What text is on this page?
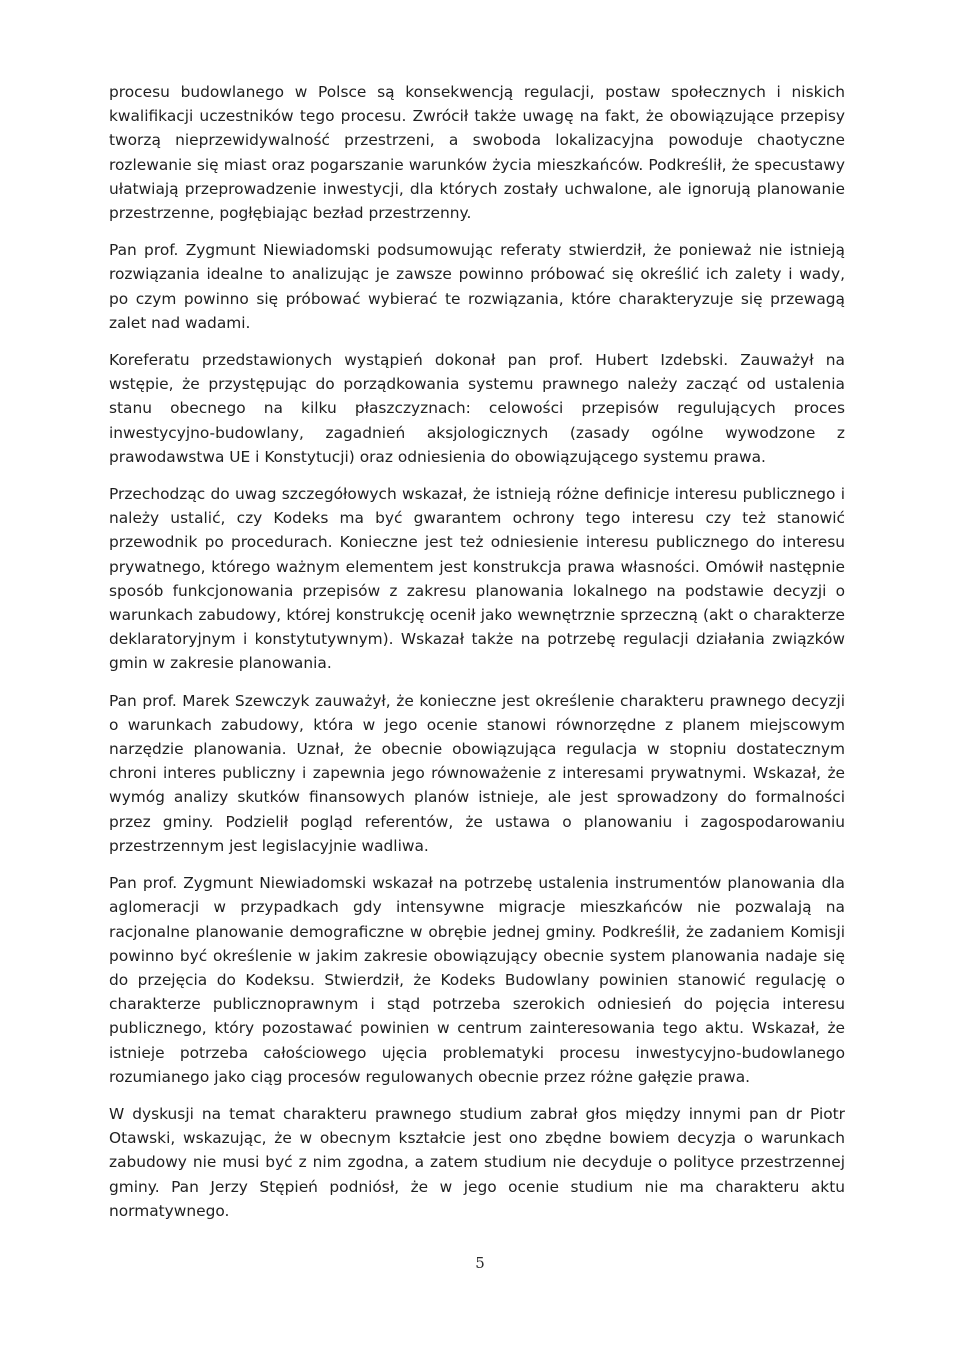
procesu budowlanego w Polsce są konsekwencją regulacji, postaw społecznych i niskich kwalifikacji uczestników tego procesu. Zwrócił także uwagę na fakt, że obowiązujące przepisy tworzą nieprzewidywalność przestrzeni, a swoboda lokalizacyjna powoduje chaotyczne rozlewanie się miast oraz pogarszanie warunków życia mieszkańców. Podkreślił, że specustawy ułatwiają przeprowadzenie inwestycji, dla których zostały uchwalone, ale ignorują planowanie przestrzenne, pogłębiając bezład przestrzenny.

Pan prof. Zygmunt Niewiadomski podsumowując referaty stwierdził, że ponieważ nie istnieją rozwiązania idealne to analizując je zawsze powinno próbować się określić ich zalety i wady, po czym powinno się próbować wybierać te rozwiązania, które charakteryzuje się przewagą zalet nad wadami.

Koreferatu przedstawionych wystąpień dokonał pan prof. Hubert Izdebski. Zauważył na wstępie, że przystępując do porządkowania systemu prawnego należy zacząć od ustalenia stanu obecnego na kilku płaszczyznach: celowości przepisów regulujących proces inwestycyjno-budowlany, zagadnień aksjologicznych (zasady ogólne wywodzone z prawodawstwa UE i Konstytucji) oraz odniesienia do obowiązującego systemu prawa.

Przechodząc do uwag szczegółowych wskazał, że istnieją różne definicje interesu publicznego i należy ustalić, czy Kodeks ma być gwarantem ochrony tego interesu czy też stanowić przewodnik po procedurach. Konieczne jest też odniesienie interesu publicznego do interesu prywatnego, którego ważnym elementem jest konstrukcja prawa własności. Omówił następnie sposób funkcjonowania przepisów z zakresu planowania lokalnego na podstawie decyzji o warunkach zabudowy, której konstrukcję ocenił jako wewnętrznie sprzeczną (akt o charakterze deklaratoryjnym i konstytutywnym). Wskazał także na potrzebę regulacji działania związków gmin w zakresie planowania.

Pan prof. Marek Szewczyk zauważył, że konieczne jest określenie charakteru prawnego decyzji o warunkach zabudowy, która w jego ocenie stanowi równorzędne z planem miejscowym narzędzie planowania. Uznał, że obecnie obowiązująca regulacja w stopniu dostatecznym chroni interes publiczny i zapewnia jego równoważenie z interesami prywatnymi. Wskazał, że wymóg analizy skutków finansowych planów istnieje, ale jest sprowadzony do formalności przez gminy. Podzielił pogląd referentów, że ustawa o planowaniu i zagospodarowaniu przestrzennym jest legislacyjnie wadliwa.

Pan prof. Zygmunt Niewiadomski wskazał na potrzebę ustalenia instrumentów planowania dla aglomeracji w przypadkach gdy intensywne migracje mieszkańców nie pozwalają na racjonalne planowanie demograficzne w obrębie jednej gminy. Podkreślił, że zadaniem Komisji powinno być określenie w jakim zakresie obowiązujący obecnie system planowania nadaje się do przejęcia do Kodeksu. Stwierdził, że Kodeks Budowlany powinien stanowić regulację o charakterze publicznoprawnym i stąd potrzeba szerokich odniesień do pojęcia interesu publicznego, który pozostawać powinien w centrum zainteresowania tego aktu. Wskazał, że istnieje potrzeba całościowego ujęcia problematyki procesu inwestycyjno-budowlanego rozumianego jako ciąg procesów regulowanych obecnie przez różne gałęzie prawa.

W dyskusji na temat charakteru prawnego studium zabrał głos między innymi pan dr Piotr Otawski, wskazując, że w obecnym kształcie jest ono zbędne bowiem decyzja o warunkach zabudowy nie musi być z nim zgodna, a zatem studium nie decyduje o polityce przestrzennej gminy. Pan Jerzy Stępień podniósł, że w jego ocenie studium nie ma charakteru aktu normatywnego.

5
